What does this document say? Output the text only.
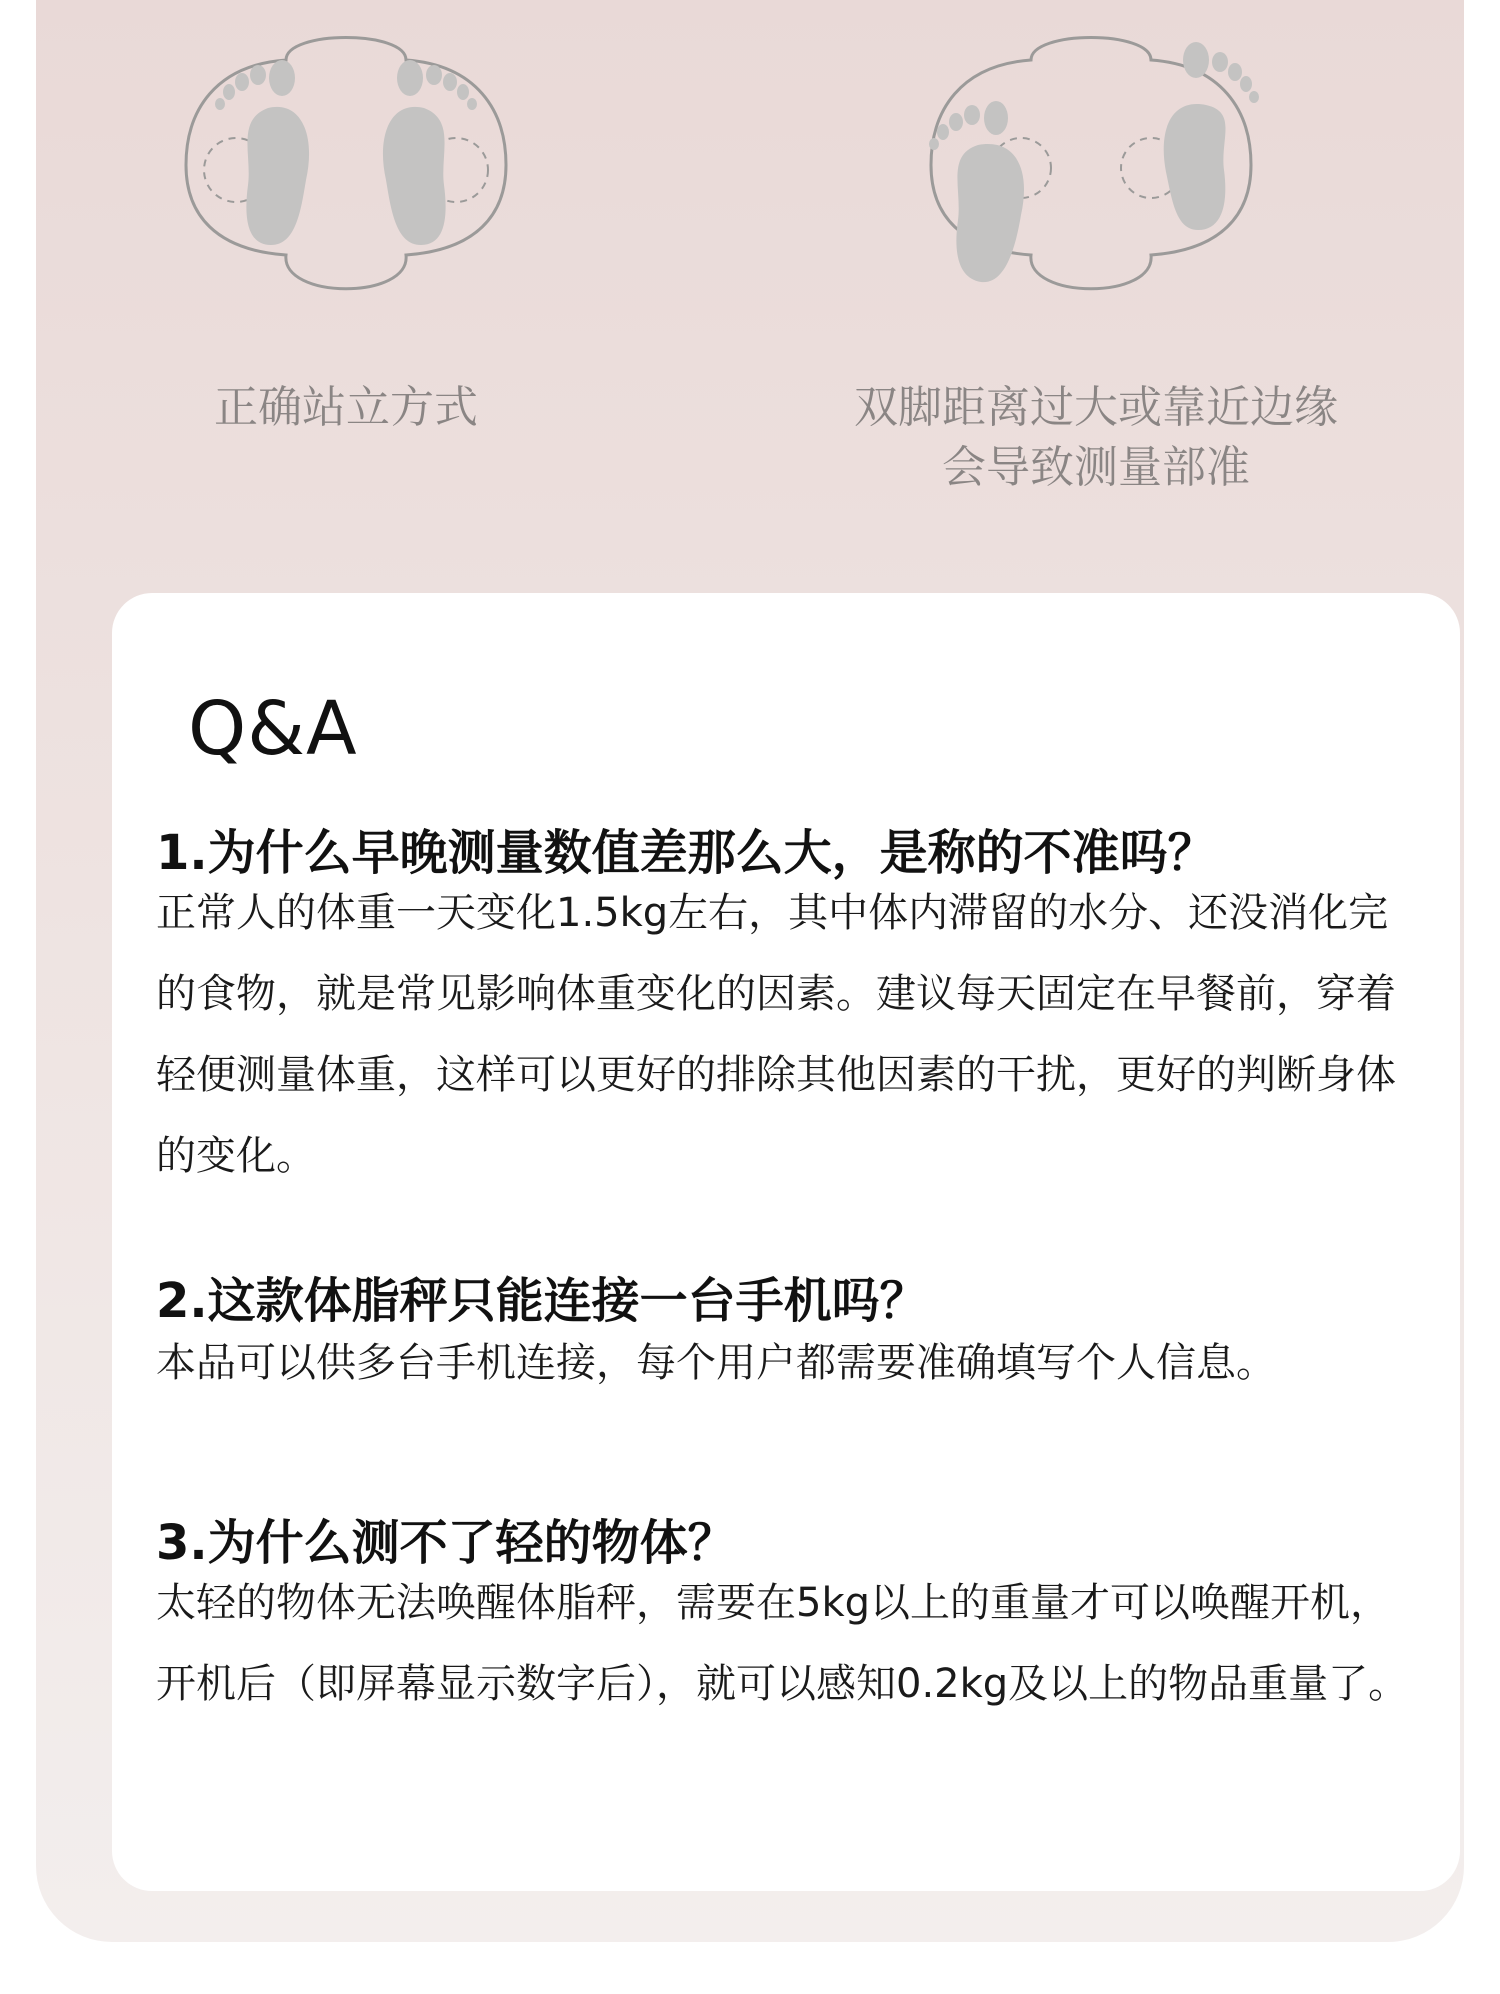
正确站立方式	双脚距离过大或靠近边缘
会导致测量部准
Q&A
1.为什么早晚测量数值差那么大，是称的不准吗？
正常人的体重一天变化1.5kg左右，其中体内滞留的水分、还没消化完的食物，就是常见影响体重变化的因素。建议每天固定在早餐前，穿着轻便测量体重，这样可以更好的排除其他因素的干扰，更好的判断身体的变化。
2.这款体脂秤只能连接一台手机吗？
本品可以供多台手机连接，每个用户都需要准确填写个人信息。
3.为什么测不了轻的物体？
太轻的物体无法唤醒体脂秤，需要在5kg以上的重量才可以唤醒开机，开机后（即屏幕显示数字后），就可以感知0.2kg及以上的物品重量了。
